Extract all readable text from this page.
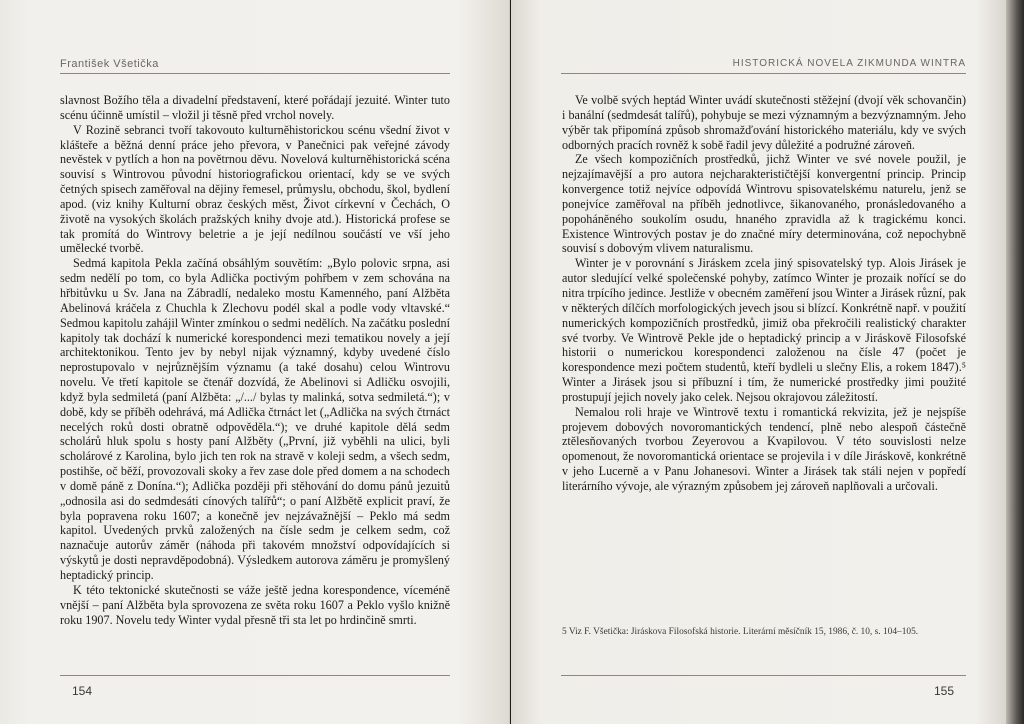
František Všetička

slavnost Božího těla a divadelní představení, které pořádají jezuité. Winter tuto scénu účinně umístil – vložil ji těsně před vrchol novely.

V Rozině sebranci tvoří takovouto kulturněhistorickou scénu všední život v klášteře a běžná denní práce jeho převora, v Panečnici pak veřejné závody nevěstek v pytlích a hon na povětrnou děvu. Novelová kulturněhistorická scéna souvisí s Wintrovou původní historiografickou orientací, kdy se ve svých četných spisech zaměřoval na dějiny řemesel, průmyslu, obchodu, škol, bydlení apod. (viz knihy Kulturní obraz českých měst, Život církevní v Čechách, O životě na vysokých školách pražských knihy dvoje atd.). Historická profese se tak promítá do Wintrovy beletrie a je její nedílnou součástí ve vší jeho umělecké tvorbě.

Sedmá kapitola Pekla začíná obsáhlým souvětím: „Bylo polovic srpna, asi sedm nedělí po tom, co byla Adlička poctivým pohřbem v zem schována na hřbitůvku u Sv. Jana na Zábradlí, nedaleko mostu Kamenného, paní Alžběta Abelinová kráčela z Chuchla k Zlechovu podél skal a podle vody vltavské.“ Sedmou kapitolu zahájil Winter zmínkou o sedmi nedělích. Na začátku poslední kapitoly tak dochází k numerické korespondenci mezi tematikou novely a její architektonikou. Tento jev by nebyl nijak významný, kdyby uvedené číslo neprostupovalo v nejrůznějším významu (a také dosahu) celou Wintrovu novelu. Ve třetí kapitole se čtenář dozvídá, že Abelinovi si Adličku osvojili, když byla sedmiletá (paní Alžběta: „/.../ bylas ty malinká, sotva sedmiletá.“); v době, kdy se příběh odehrává, má Adlička čtrnáct let („Adlička na svých čtrnáct necelých roků dosti obratně odpověděla.“); ve druhé kapitole dělá sedm scholárů hluk spolu s hosty paní Alžběty („První, již vyběhli na ulici, byli scholárové z Karolina, bylo jich ten rok na stravě v koleji sedm, a všech sedm, postihše, oč běží, provozovali skoky a řev zase dole před domem a na schodech v domě páně z Donína.“); Adlička později při stěhování do domu pánů jezuitů „odnosila asi do sedmdesáti cínových talířů“; o paní Alžbětě explicit praví, že byla popravena roku 1607; a konečně jev nejzávažnější – Peklo má sedm kapitol. Uvedených prvků založených na čísle sedm je celkem sedm, což naznačuje autorův záměr (náhoda při takovém množství odpovídajících si výskytů je dosti nepravděpodobná). Výsledkem autorova záměru je promyšlený heptadický princip.

K této tektonické skutečnosti se váže ještě jedna korespondence, víceméně vnější – paní Alžběta byla sprovozena ze světa roku 1607 a Peklo vyšlo knižně roku 1907. Novelu tedy Winter vydal přesně tři sta let po hrdinčině smrti.

154
HISTORICKÁ NOVELA ZIKMUNDA WINTRA

Ve volbě svých heptád Winter uvádí skutečnosti stěžejní (dvojí věk schovančin) i banální (sedmdesát talířů), pohybuje se mezi významným a bezvýznamným. Jeho výběr tak připomíná způsob shromažďování historického materiálu, kdy ve svých odborných pracích rovněž k sobě řadil jevy důležité a podružné zároveň.

Ze všech kompozičních prostředků, jichž Winter ve své novele použil, je nejzajímavější a pro autora nejcharakterističtější konvergentní princip. Princip konvergence totiž nejvíce odpovídá Wintrovu spisovatelskému naturelu, jenž se ponejvíce zaměřoval na příběh jednotlivce, šikanovaného, pronásledovaného a popoháněného soukolím osudu, hnaného zpravidla až k tragickému konci. Existence Wintrových postav je do značné míry determinována, což nepochybně souvisí s dobovým vlivem naturalismu.

Winter je v porovnání s Jiráskem zcela jiný spisovatelský typ. Alois Jirásek je autor sledující velké společenské pohyby, zatímco Winter je prozaik nořící se do nitra trpícího jedince. Jestliže v obecném zaměření jsou Winter a Jirásek různí, pak v některých dílčích morfologických jevech jsou si blízcí. Konkrétně např. v použití numerických kompozičních prostředků, jimiž oba překročili realistický charakter své tvorby. Ve Wintrově Pekle jde o heptadický princip a v Jiráskově Filosofské historii o numerickou korespondenci založenou na čísle 47 (počet je korespondence mezi počtem studentů, kteří bydleli u slečny Elis, a rokem 1847).⁵ Winter a Jirásek jsou si příbuzní i tím, že numerické prostředky jimi použité prostupují jejich novely jako celek. Nejsou okrajovou záležitostí.

Nemalou roli hraje ve Wintrově textu i romantická rekvizita, jež je nejspíše projevem dobových novoromantických tendencí, plně nebo alespoň částečně ztělesňovaných tvorbou Zeyerovou a Kvapilovou. V této souvislosti nelze opomenout, že novoromantická orientace se projevila i v díle Jiráskově, konkrétně v jeho Lucerně a v Panu Johanesovi. Winter a Jirásek tak stáli nejen v popředí literárního vývoje, ale výrazným způsobem jej zároveň naplňovali a určovali.

5 Viz F. Všetička: Jiráskova Filosofská historie. Literární měsíčník 15, 1986, č. 10, s. 104–105.
155
